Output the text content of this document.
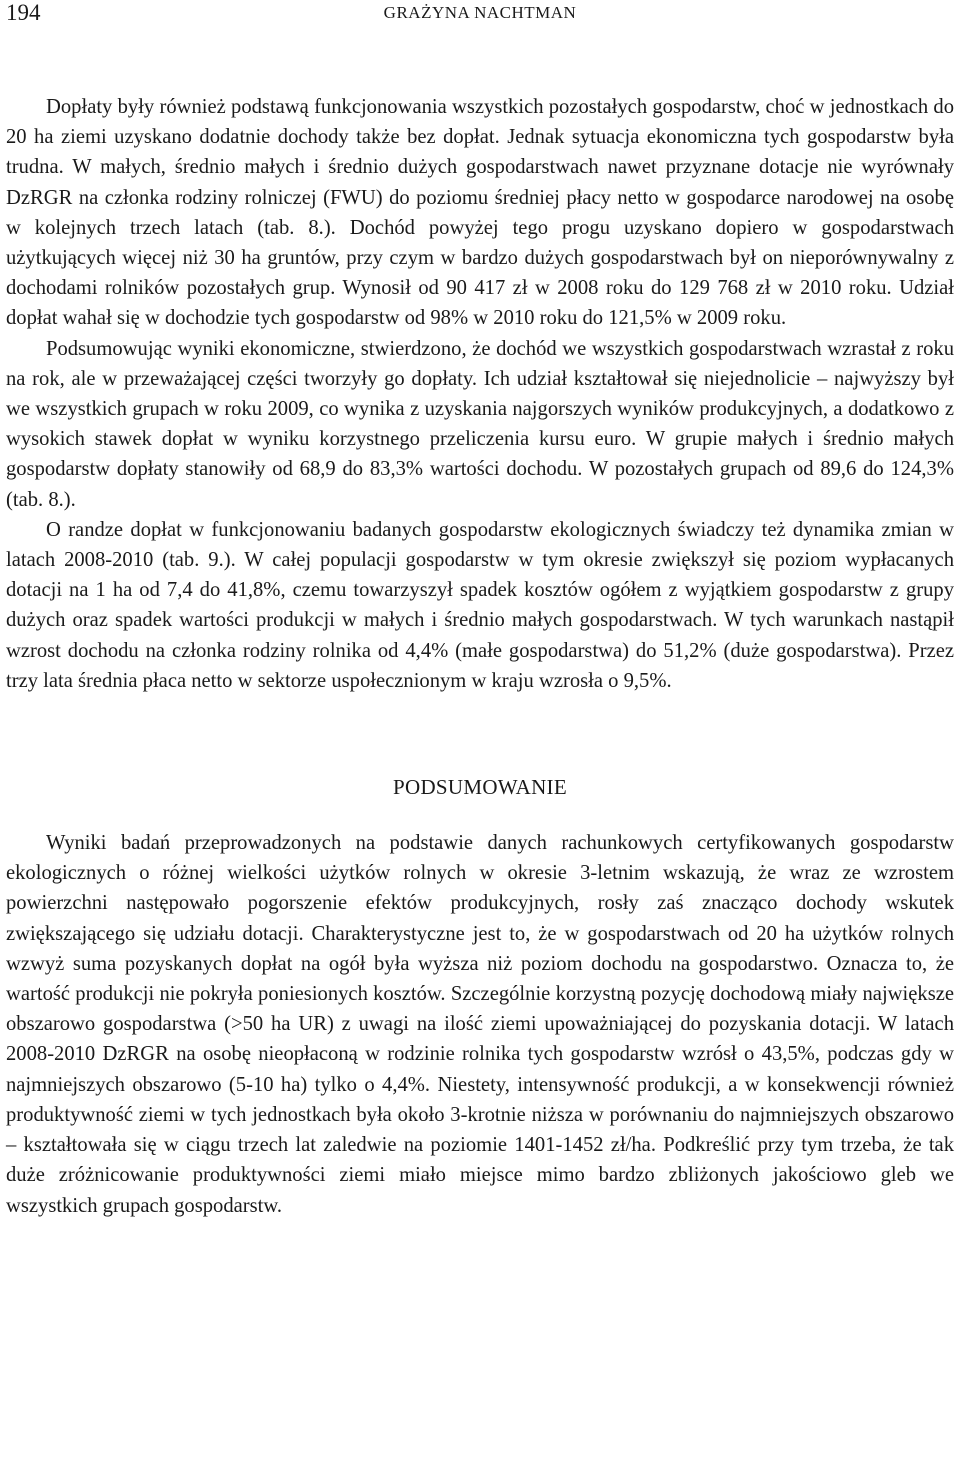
194	GRAŻYNA NACHTMAN

Dopłaty były również podstawą funkcjonowania wszystkich pozostałych gospodarstw, choć w jednostkach do 20 ha ziemi uzyskano dodatnie dochody także bez dopłat. Jednak sytuacja ekonomiczna tych gospodarstw była trudna. W małych, średnio małych i średnio dużych gospodarstwach nawet przyznane dotacje nie wyrównały DzRGR na członka rodziny rolniczej (FWU) do poziomu średniej płacy netto w gospodarce narodowej na osobę w kolejnych trzech latach (tab. 8.). Dochód powyżej tego progu uzyskano dopiero w gospodarstwach użytkujących więcej niż 30 ha gruntów, przy czym w bardzo dużych gospodarstwach był on nieporównywalny z dochodami rolników pozostałych grup. Wynosił od 90 417 zł w 2008 roku do 129 768 zł w 2010 roku. Udział dopłat wahał się w dochodzie tych gospodarstw od 98% w 2010 roku do 121,5% w 2009 roku.

Podsumowując wyniki ekonomiczne, stwierdzono, że dochód we wszystkich gospodarstwach wzrastał z roku na rok, ale w przeważającej części tworzyły go dopłaty. Ich udział kształtował się niejednolicie – najwyższy był we wszystkich grupach w roku 2009, co wynika z uzyskania najgorszych wyników produkcyjnych, a dodatkowo z wysokich stawek dopłat w wyniku korzystnego przeliczenia kursu euro. W grupie małych i średnio małych gospodarstw dopłaty stanowiły od 68,9 do 83,3% wartości dochodu. W pozostałych grupach od 89,6 do 124,3% (tab. 8.).

O randze dopłat w funkcjonowaniu badanych gospodarstw ekologicznych świadczy też dynamika zmian w latach 2008-2010 (tab. 9.). W całej populacji gospodarstw w tym okresie zwiększył się poziom wypłacanych dotacji na 1 ha od 7,4 do 41,8%, czemu towarzyszył spadek kosztów ogółem z wyjątkiem gospodarstw z grupy dużych oraz spadek wartości produkcji w małych i średnio małych gospodarstwach. W tych warunkach nastąpił wzrost dochodu na członka rodziny rolnika od 4,4% (małe gospodarstwa) do 51,2% (duże gospodarstwa). Przez trzy lata średnia płaca netto w sektorze uspołecznionym w kraju wzrosła o 9,5%.

PODSUMOWANIE

Wyniki badań przeprowadzonych na podstawie danych rachunkowych certyfikowanych gospodarstw ekologicznych o różnej wielkości użytków rolnych w okresie 3-letnim wskazują, że wraz ze wzrostem powierzchni następowało pogorszenie efektów produkcyjnych, rosły zaś znacząco dochody wskutek zwiększającego się udziału dotacji. Charakterystyczne jest to, że w gospodarstwach od 20 ha użytków rolnych wzwyż suma pozyskanych dopłat na ogół była wyższa niż poziom dochodu na gospodarstwo. Oznacza to, że wartość produkcji nie pokryła poniesionych kosztów. Szczególnie korzystną pozycję dochodową miały największe obszarowo gospodarstwa (>50 ha UR) z uwagi na ilość ziemi upoważniającej do pozyskania dotacji. W latach 2008-2010 DzRGR na osobę nieopłaconą w rodzinie rolnika tych gospodarstw wzrósł o 43,5%, podczas gdy w najmniejszych obszarowo (5-10 ha) tylko o 4,4%. Niestety, intensywność produkcji, a w konsekwencji również produktywność ziemi w tych jednostkach była około 3-krotnie niższa w porównaniu do najmniejszych obszarowo – kształtowała się w ciągu trzech lat zaledwie na poziomie 1401-1452 zł/ha. Podkreślić przy tym trzeba, że tak duże zróżnicowanie produktywności ziemi miało miejsce mimo bardzo zbliżonych jakościowo gleb we wszystkich grupach gospodarstw.
